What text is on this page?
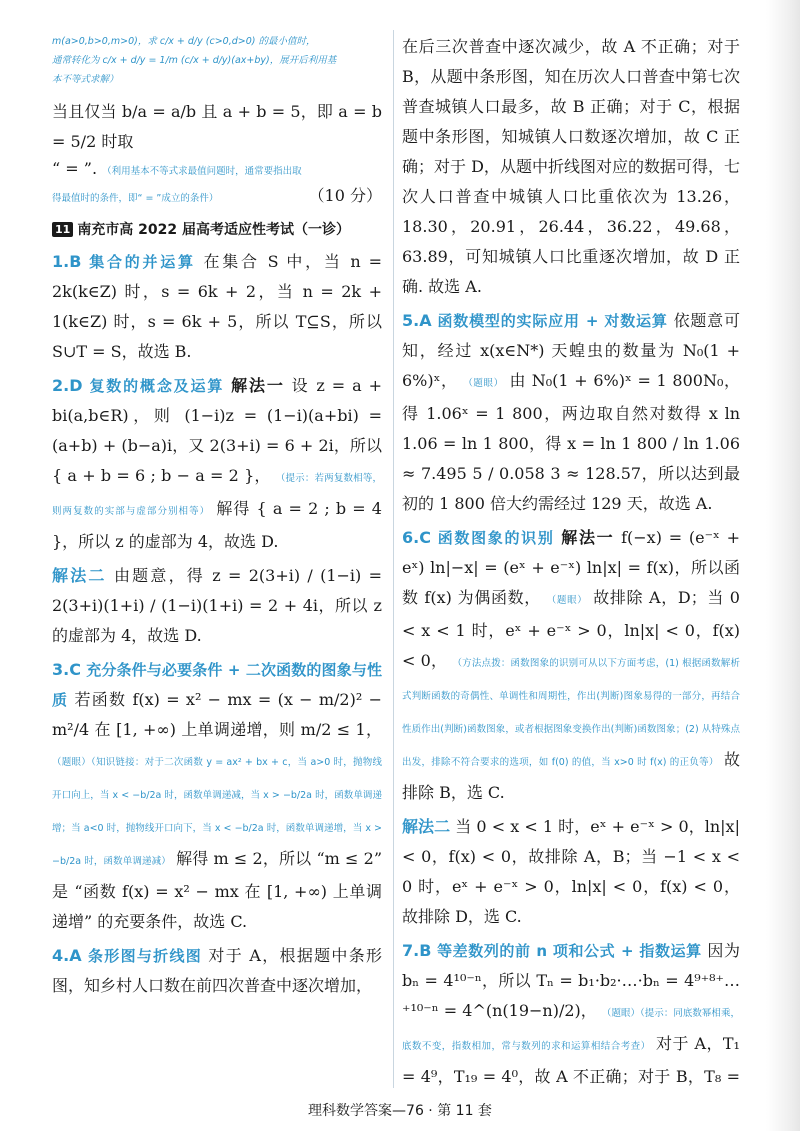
m(a>0,b>0,m>0)，求 c/x + d/y (c>0,d>0) 的最小值时，
通常转化为 c/x + d/y = 1/m (c/x + d/y)(ax+by)，展开后利用基
本不等式求解）
当且仅当 b/a = a/b 且 a + b = 5，即 a = b = 5/2 时取
“ = ”. （利用基本不等式求最值问题时，通常要指出取
得最值时的条件，即“ = ”成立的条件）	（10 分）
11 南充市高 2022 届高考适应性考试（一诊）
1.B 集合的并运算 在集合 S 中，当 n = 2k(k∈Z) 时，s = 6k + 2，当 n = 2k + 1(k∈Z) 时，s = 6k + 5，所以 T⊆S，所以 S∪T = S，故选 B.
2.D 复数的概念及运算 解法一 设 z = a + bi(a,b∈R)，则 (1−i)z = (1−i)(a+bi) = (a+b) + (b−a)i，又 2(3+i) = 6 + 2i，所以 { a + b = 6 ; b − a = 2 }， （提示：若两复数相等，则两复数的实部与虚部分别相等） 解得 { a = 2 ; b = 4 }，所以 z 的虚部为 4，故选 D.
解法二 由题意，得 z = 2(3+i) / (1−i) = 2(3+i)(1+i) / (1−i)(1+i) = 2 + 4i，所以 z 的虚部为 4，故选 D.
3.C 充分条件与必要条件 + 二次函数的图象与性质 若函数 f(x) = x² − mx = (x − m/2)² − m²/4 在 [1, +∞) 上单调递增，则 m/2 ≤ 1， （题眼）（知识链接：对于二次函数 y = ax² + bx + c，当 a>0 时，抛物线开口向上，当 x < −b/2a 时，函数单调递减，当 x > −b/2a 时，函数单调递增；当 a<0 时，抛物线开口向下，当 x < −b/2a 时，函数单调递增，当 x > −b/2a 时，函数单调递减） 解得 m ≤ 2，所以 “m ≤ 2” 是 “函数 f(x) = x² − mx 在 [1, +∞) 上单调递增” 的充要条件，故选 C.
4.A 条形图与折线图 对于 A，根据题中条形图，知乡村人口数在前四次普查中逐次增加，
在后三次普查中逐次减少，故 A 不正确；对于 B，从题中条形图，知在历次人口普查中第七次普查城镇人口最多，故 B 正确；对于 C，根据题中条形图，知城镇人口数逐次增加，故 C 正确；对于 D，从题中折线图对应的数据可得，七次人口普查中城镇人口比重依次为 13.26，18.30，20.91，26.44，36.22，49.68，63.89，可知城镇人口比重逐次增加，故 D 正确. 故选 A.
5.A 函数模型的实际应用 + 对数运算 依题意可知，经过 x(x∈N*) 天蝗虫的数量为 N₀(1 + 6%)ˣ， （题眼） 由 N₀(1 + 6%)ˣ = 1 800N₀，得 1.06ˣ = 1 800，两边取自然对数得 x ln 1.06 = ln 1 800，得 x = ln 1 800 / ln 1.06 ≈ 7.495 5 / 0.058 3 ≈ 128.57，所以达到最初的 1 800 倍大约需经过 129 天，故选 A.
6.C 函数图象的识别 解法一 f(−x) = (e⁻ˣ + eˣ) ln|−x| = (eˣ + e⁻ˣ) ln|x| = f(x)，所以函数 f(x) 为偶函数， （题眼） 故排除 A，D；当 0 < x < 1 时，eˣ + e⁻ˣ > 0，ln|x| < 0，f(x) < 0， （方法点拨：函数图象的识别可从以下方面考虑，(1) 根据函数解析式判断函数的奇偶性、单调性和周期性，作出(判断)图象易得的一部分，再结合性质作出(判断)函数图象，或者根据图象变换作出(判断)函数图象；(2) 从特殊点出发，排除不符合要求的选项，如 f(0) 的值，当 x>0 时 f(x) 的正负等） 故排除 B，选 C.
解法二 当 0 < x < 1 时，eˣ + e⁻ˣ > 0，ln|x| < 0，f(x) < 0，故排除 A，B；当 −1 < x < 0 时，eˣ + e⁻ˣ > 0，ln|x| < 0，f(x) < 0，故排除 D，选 C.
7.B 等差数列的前 n 项和公式 + 指数运算 因为 bₙ = 4¹⁰⁻ⁿ，所以 Tₙ = b₁·b₂·…·bₙ = 4⁹⁺⁸⁺…⁺¹⁰⁻ⁿ = 4^(n(19−n)/2)， （题眼）（提示：同底数幂相乘，底数不变，指数相加，常与数列的求和运算相结合考查） 对于 A，T₁ = 4⁹，T₁₉ = 4⁰，故 A 不正确；对于 B，T₈ =
理科数学答案—76 · 第 11 套
